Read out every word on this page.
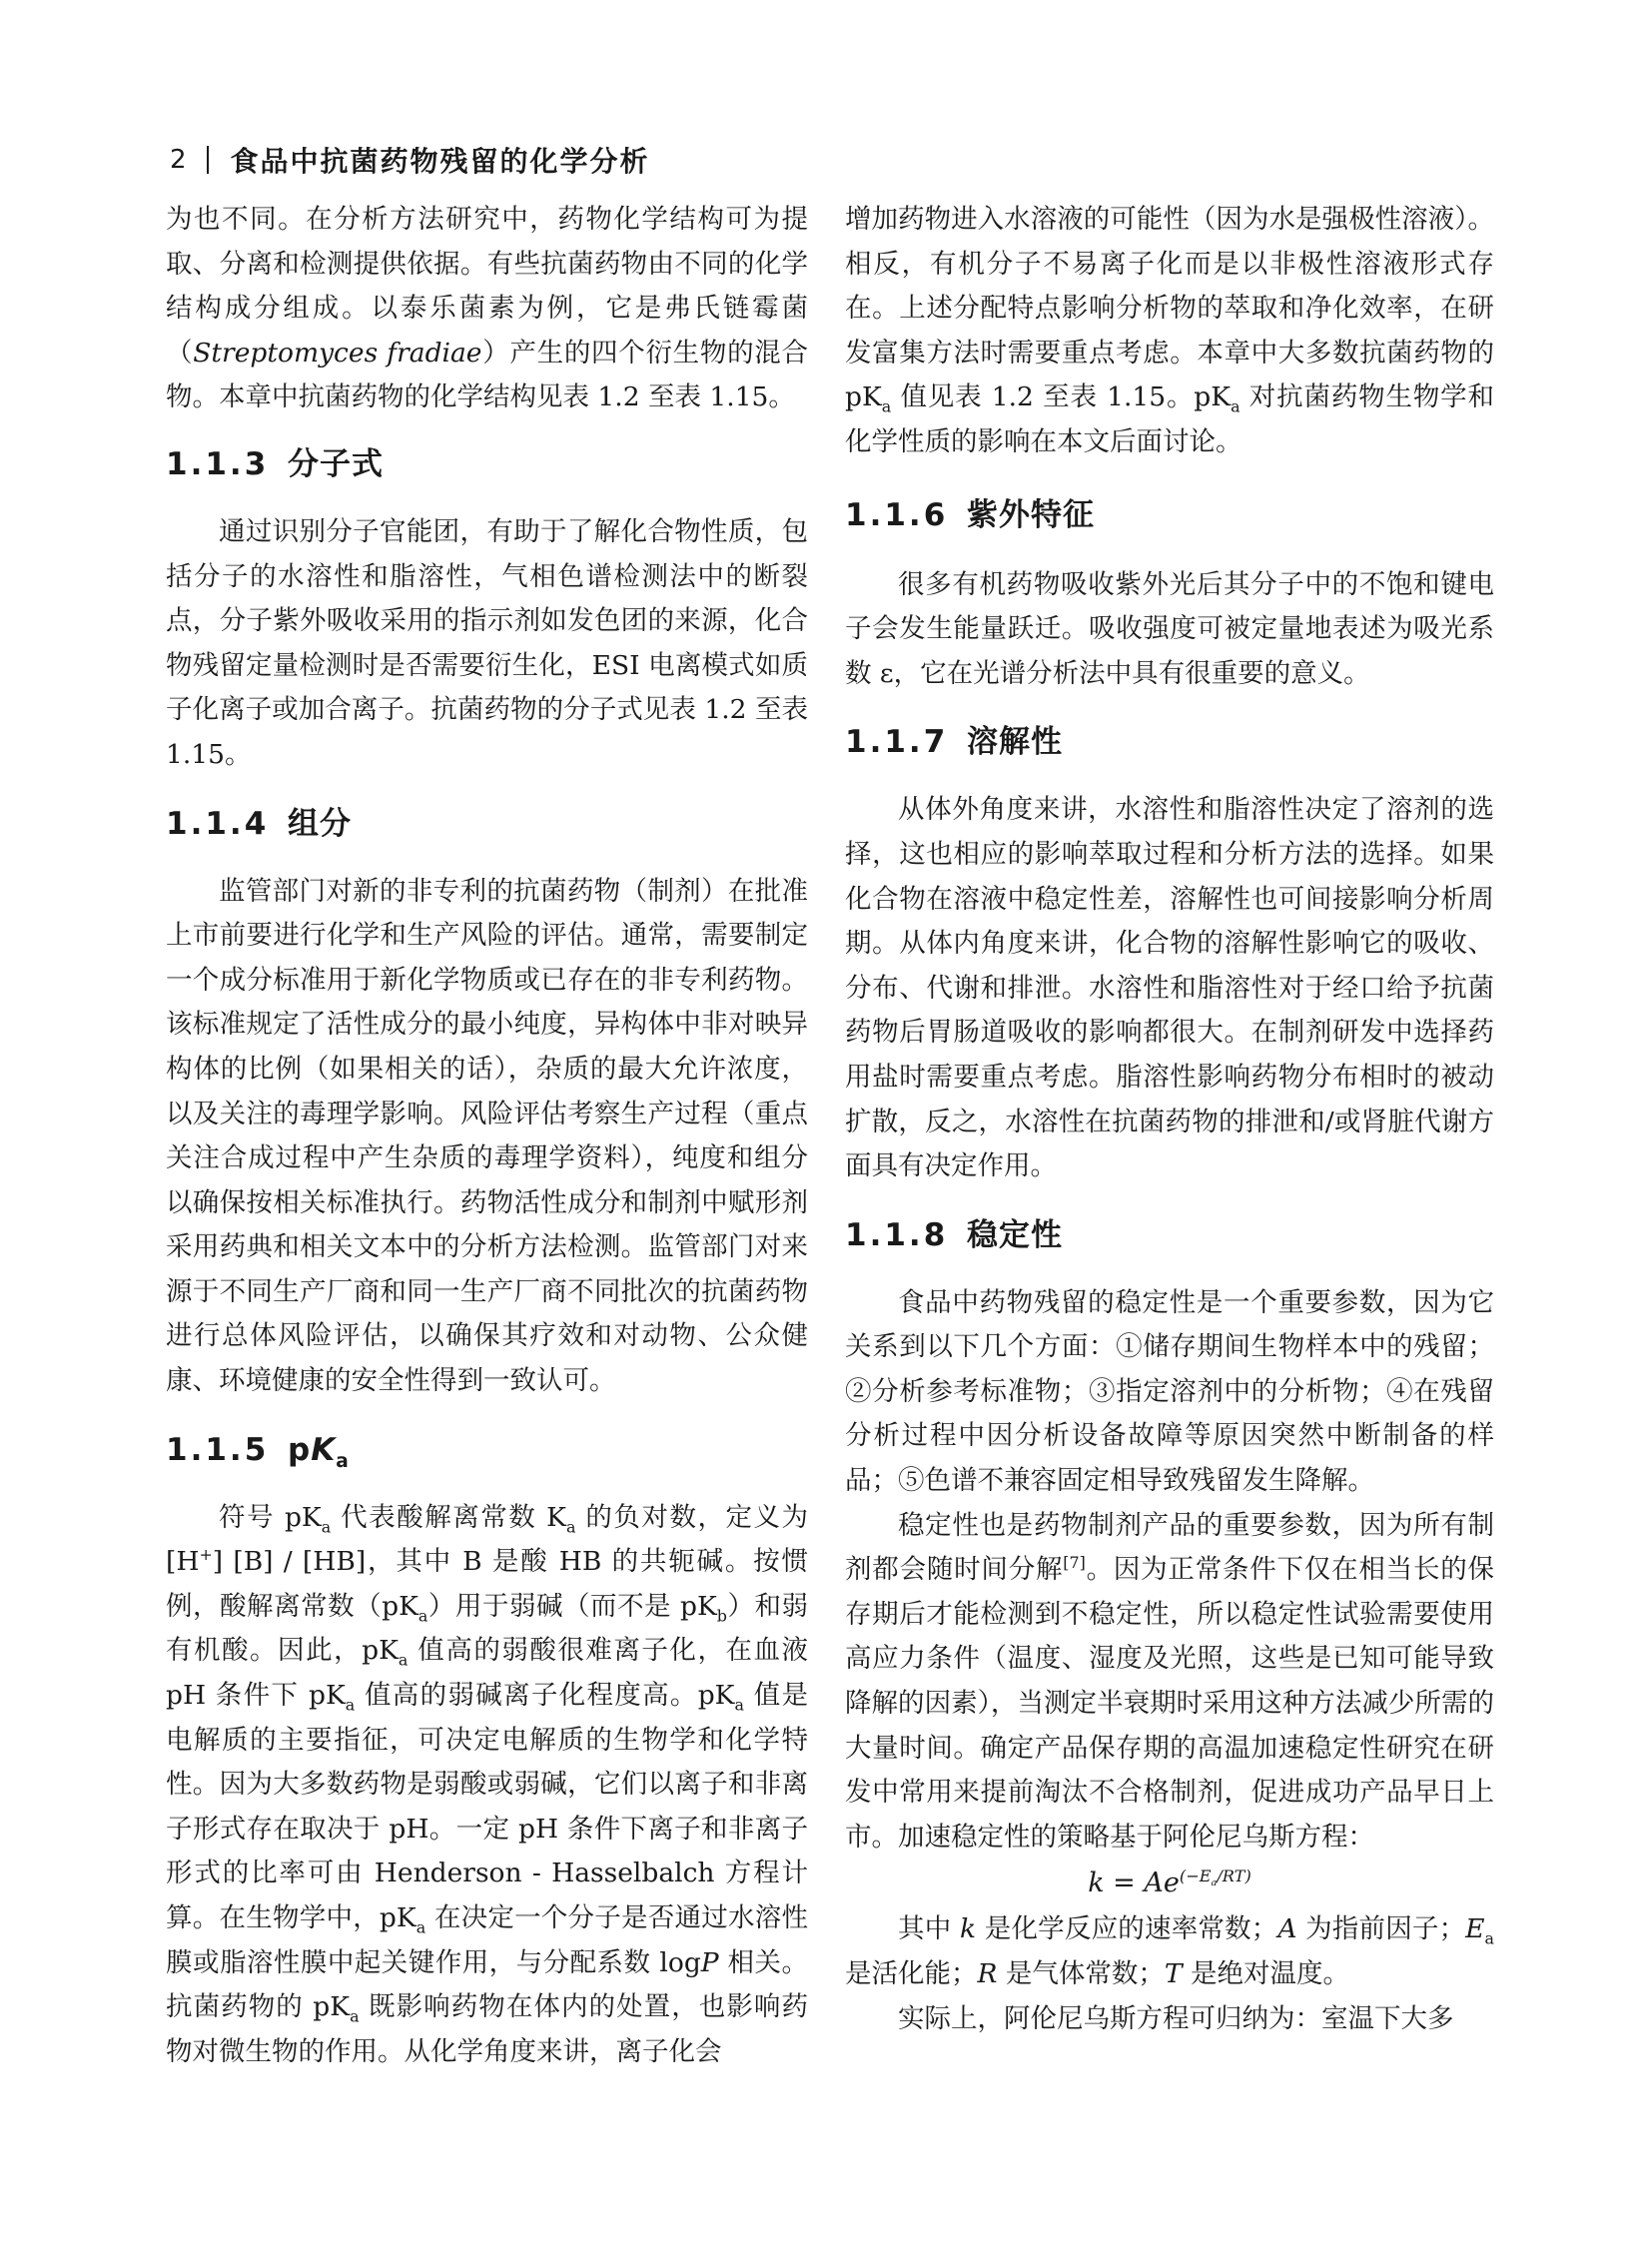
2 食品中抗菌药物残留的化学分析

为也不同。在分析方法研究中，药物化学结构可为提取、分离和检测提供依据。有些抗菌药物由不同的化学结构成分组成。以泰乐菌素为例，它是弗氏链霉菌（Streptomyces fradiae）产生的四个衍生物的混合物。本章中抗菌药物的化学结构见表 1.2 至表 1.15。

1.1.3 分子式

通过识别分子官能团，有助于了解化合物性质，包括分子的水溶性和脂溶性，气相色谱检测法中的断裂点，分子紫外吸收采用的指示剂如发色团的来源，化合物残留定量检测时是否需要衍生化，ESI 电离模式如质子化离子或加合离子。抗菌药物的分子式见表 1.2 至表 1.15。

1.1.4 组分

监管部门对新的非专利的抗菌药物（制剂）在批准上市前要进行化学和生产风险的评估。通常，需要制定一个成分标准用于新化学物质或已存在的非专利药物。该标准规定了活性成分的最小纯度，异构体中非对映异构体的比例（如果相关的话），杂质的最大允许浓度，以及关注的毒理学影响。风险评估考察生产过程（重点关注合成过程中产生杂质的毒理学资料），纯度和组分以确保按相关标准执行。药物活性成分和制剂中赋形剂采用药典和相关文本中的分析方法检测。监管部门对来源于不同生产厂商和同一生产厂商不同批次的抗菌药物进行总体风险评估，以确保其疗效和对动物、公众健康、环境健康的安全性得到一致认可。

1.1.5 $pK_a$

符号 $pK_a$ 代表酸解离常数 $K_a$ 的负对数，定义为 [H+] [B] / [HB]，其中 B 是酸 HB 的共轭碱。按惯例，酸解离常数$(pK_a)$用于弱碱（而不是 $pK_b$）和弱有机酸。因此，$pK_a$ 值高的弱酸很难离子化，在血液 pH 条件下 $pK_a$ 值高的弱碱离子化程度高。$pK_a$ 值是电解质的主要指征，可决定电解质的生物学和化学特性。因为大多数药物是弱酸或弱碱，它们以离子和非离子形式存在取决于 pH。一定 pH 条件下离子和非离子形式的比率可由 Henderson - Hasselbalch 方程计算。在生物学中，$pK_a$ 在决定一个分子是否通过水溶性膜或脂溶性膜中起关键作用，与分配系数 logP 相关。抗菌药物的 $pK_a$ 既影响药物在体内的处置，也影响药物对微生物的作用。从化学角度来讲，离子化会

增加药物进入水溶液的可能性（因为水是强极性溶液）。相反，有机分子不易离子化而是以非极性溶液形式存在。上述分配特点影响分析物的萃取和净化效率，在研发富集方法时需要重点考虑。本章中大多数抗菌药物的 $pK_a$ 值见表 1.2 至表 1.15。$pK_a$ 对抗菌药物生物学和化学性质的影响在本文后面讨论。

1.1.6 紫外特征

很多有机药物吸收紫外光后其分子中的不饱和键电子会发生能量跃迁。吸收强度可被定量地表述为吸光系数 ε，它在光谱分析法中具有很重要的意义。

1.1.7 溶解性

从体外角度来讲，水溶性和脂溶性决定了溶剂的选择，这也相应的影响萃取过程和分析方法的选择。如果化合物在溶液中稳定性差，溶解性也可间接影响分析周期。从体内角度来讲，化合物的溶解性影响它的吸收、分布、代谢和排泄。水溶性和脂溶性对于经口给予抗菌药物后胃肠道吸收的影响都很大。在制剂研发中选择药用盐时需要重点考虑。脂溶性影响药物分布相时的被动扩散，反之，水溶性在抗菌药物的排泄和/或肾脏代谢方面具有决定作用。

1.1.8 稳定性

食品中药物残留的稳定性是一个重要参数，因为它关系到以下几个方面：①储存期间生物样本中的残留；②分析参考标准物；③指定溶剂中的分析物；④在残留分析过程中因分析设备故障等原因突然中断制备的样品；⑤色谱不兼容固定相导致残留发生降解。

稳定性也是药物制剂产品的重要参数，因为所有制剂都会随时间分解[7]。因为正常条件下仅在相当长的保存期后才能检测到不稳定性，所以稳定性试验需要使用高应力条件（温度、湿度及光照，这些是已知可能导致降解的因素），当测定半衰期时采用这种方法减少所需的大量时间。确定产品保存期的高温加速稳定性研究在研发中常用来提前淘汰不合格制剂，促进成功产品早日上市。加速稳定性的策略基于阿伦尼乌斯方程：

$k = Ae^{(-E_a/RT)}$

其中 k 是化学反应的速率常数；A 为指前因子；$E_a$ 是活化能；R 是气体常数；T 是绝对温度。

实际上，阿伦尼乌斯方程可归纳为：室温下大多
